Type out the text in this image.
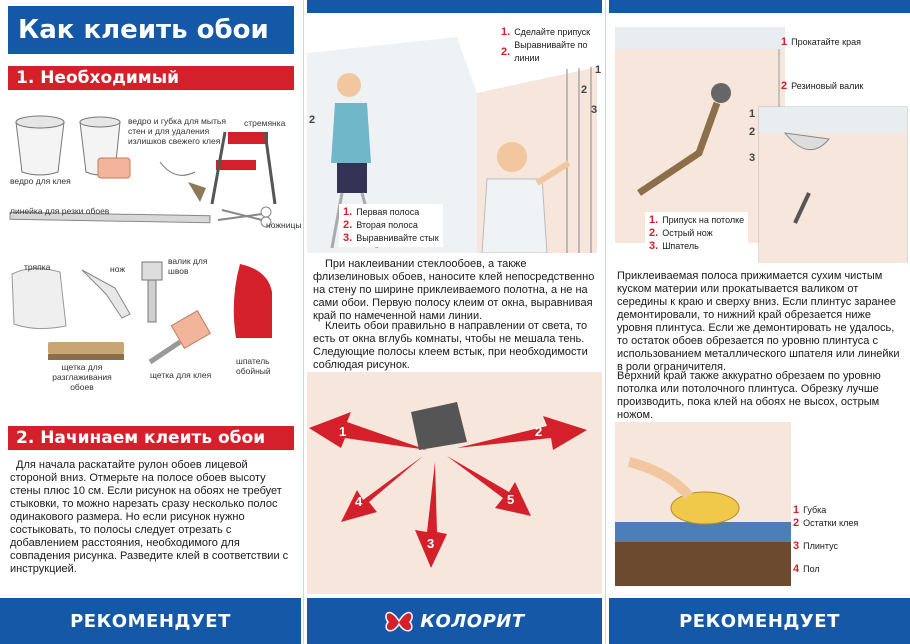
Как клеить обои
1. Необходимый инструмент
ведро для клея
ведро и губка для мытья стен и для удаления излишков свежего клея
стремянка
линейка для резки обоев
ножницы
тряпка	нож
валик для швов
щетка для разглаживания обоев
щетка для клея
шпатель обойный
2. Начинаем клеить обои
Для начала раскатайте рулон обоев лицевой стороной вниз. Отмерьте на полосе обоев высоту стены плюс 10 см. Если рисунок на обоях не требует стыковки, то можно нарезать сразу несколько полос одинакового размера. Но если рисунок нужно состыковать, то полосы следует отрезать с добавлением расстояния, необходимого для совпадения рисунка. Разведите клей в соответствии с инструкцией.
РЕКОМЕНДУЕТ
1. Сделайте припуск
2.
Выравнивайте по линии
1
2
3
2
1. Первая полоса
2. Вторая полоса
3. Выравнивайте стык
При наклеивании стеклообоев, а также флизелиновых обоев, наносите клей непосредственно на стену по ширине приклеиваемого полотна, а не на сами обои. Первую полосу клеим от окна, выравнивая край по намеченной нами линии.
Клеить обои правильно в направлении от света, то есть от окна вглубь комнаты, чтобы не мешала тень. Следующие полосы клеем встык, при необходимости соблюдая рисунок.
1	2
3
4	5
КОЛОРИТ
1 Прокатайте края
2 Резиновый валик
1
2
3
1. Припуск на потолке
2. Острый нож
3. Шпатель
Приклеиваемая полоса прижимается сухим чистым куском материи или прокатывается валиком от середины к краю и сверху вниз. Если плинтус заранее демонтировали, то нижний край обрезается ниже уровня плинтуса. Если же демонтировать не удалось, то остаток обоев обрезается по уровню плинтуса с использованием металлического шпателя или линейки в роли ограничителя.
Верхний край также аккуратно обрезаем по уровню потолка или потолочного плинтуса. Обрезку лучше производить, пока клей на обоях не высох, острым ножом.
1 Губка
2 Остатки клея
3 Плинтус
4 Пол
РЕКОМЕНДУЕТ
